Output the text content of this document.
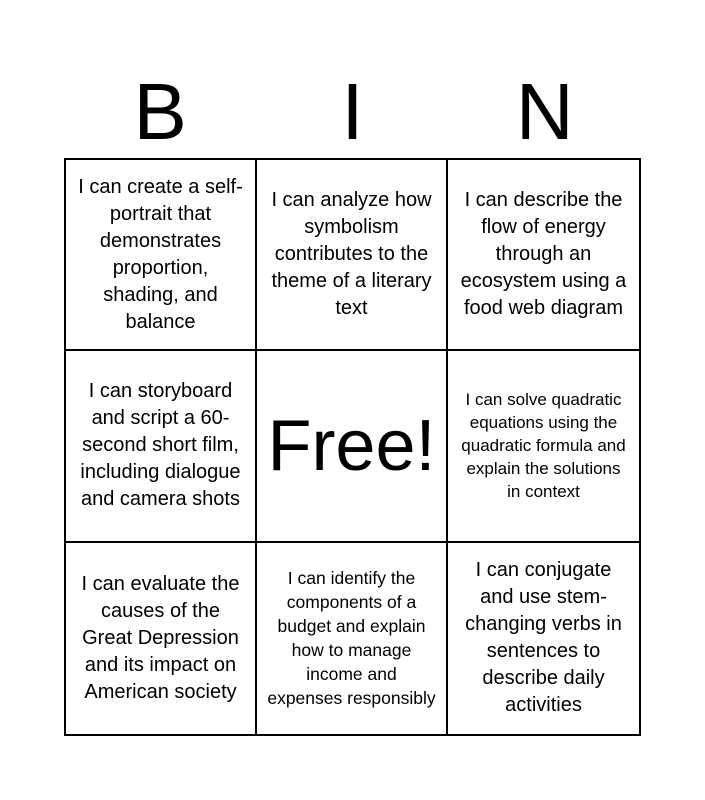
B	I	N
I can create a self-portrait that demonstrates proportion, shading, and balance
I can analyze how symbolism contributes to the theme of a literary text
I can describe the flow of energy through an ecosystem using a food web diagram
I can storyboard and script a 60-second short film, including dialogue and camera shots
Free!
I can solve quadratic equations using the quadratic formula and explain the solutions in context
I can evaluate the causes of the Great Depression and its impact on American society
I can identify the components of a budget and explain how to manage income and expenses responsibly
I can conjugate and use stem-changing verbs in sentences to describe daily activities
